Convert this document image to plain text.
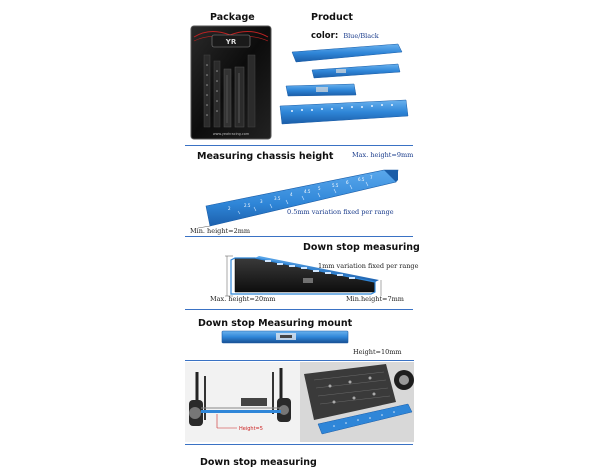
Package
YR
www.yeahracing.com
Product
color: Blue/Black
Measuring chassis height	Max. height=9mm
2
2.5
3
3.5
4
4.5
5
5.5
6
6.5 7
0.5mm variation fixed per range
Min. height=2mm
Down stop measuring
1mm variation fixed per range
Max. height=20mm	Min.height=7mm
Down stop Measuring mount
Height=10mm
Height=5
Down stop measuring
